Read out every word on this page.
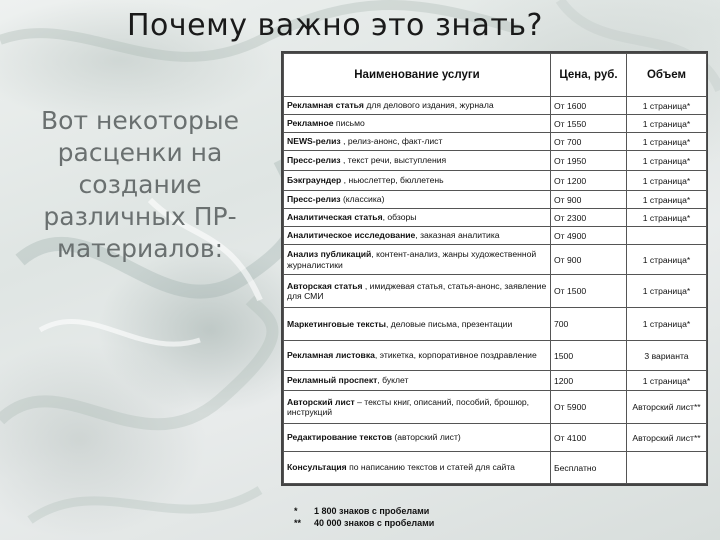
Почему важно это знать?
Вот некоторые расценки на создание различных ПР- материалов:
Наименование услуги	Цена, руб.	Объем
Рекламная статья для делового издания, журнала	От 1600	1 страница*
Рекламное письмо	От 1550	1 страница*
NEWS-релиз , релиз-анонс, факт-лист	От 700	1 страница*
Пресс-релиз , текст речи, выступления	От 1950	1 страница*
Бэкграундер , ньюслеттер, бюллетень	От 1200	1 страница*
Пресс-релиз (классика)	От 900	1 страница*
Аналитическая статья, обзоры	От 2300	1 страница*
Аналитическое исследование, заказная аналитика	От 4900	
Анализ публикаций, контент-анализ, жанры художественной журналистики	От 900	1 страница*
Авторская статья , имиджевая статья, статья-анонс, заявление для СМИ	От 1500	1 страница*
Маркетинговые тексты, деловые письма, презентации	700	1 страница*
Рекламная листовка, этикетка, корпоративное поздравление	1500	3 варианта
Рекламный проспект, буклет	1200	1 страница*
Авторский лист – тексты книг, описаний, пособий, брошюр, инструкций	От 5900	Авторский лист**
Редактирование текстов (авторский лист)	От 4100	Авторский лист**
Консультация по написанию текстов и статей для сайта	Бесплатно	
* 1 800 знаков с пробелами
** 40 000 знаков с пробелами
